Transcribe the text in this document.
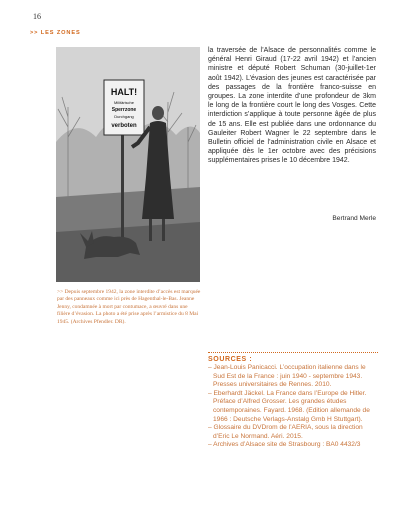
16
>> LES ZONES
HALT!
Militärische
Sperrzone
Durchgang
verboten
>> Depuis septembre 1942, la zone interdite d’accès est marquée par des panneaux comme ici près de Hagenthal-le-Bas. Jeanne Jenny, condamnée à mort par contumace, a œuvré dans une filière d’évasion. La photo a été prise après l’armistice du 8 Mai 1945. (Archives Pfendler. DR).

la traversée de l’Alsace de personnalités comme le général Henri Giraud (17-22 avril 1942) et l’ancien ministre et député Robert Schuman (30-juillet-1er août 1942). L’évasion des jeunes est caractérisée par des passages de la frontière franco-suisse en groupes. La zone interdite d’une profondeur de 3km le long de la frontière court le long des Vosges. Cette interdiction s’applique à toute personne âgée de plus de 15 ans. Elle est publiée dans une ordonnance du Gauleiter Robert Wagner le 22 septembre dans le Bulletin officiel de l’administration civile en Alsace et appliquée dès le 1er octobre avec des précisions supplémentaires prises le 10 décembre 1942.

Bertrand Merle
SOURCES :
– Jean-Louis Panicacci. L’occupation italienne dans le Sud Est de la France : juin 1940 - septembre 1943. Presses universitaires de Rennes. 2010.
– Eberhardt Jäckel. La France dans l’Europe de Hitler. Préface d’Alfred Grosser. Les grandes études contemporaines. Fayard. 1968. (Edition allemande de 1966 : Deutsche Verlags-Anstalg Gmb H Stuttgart).
– Glossaire du DVDrom de l’AERIA, sous la direction d’Eric Le Normand. Aéri. 2015.
– Archives d’Alsace site de Strasbourg : BA0 4432/3
